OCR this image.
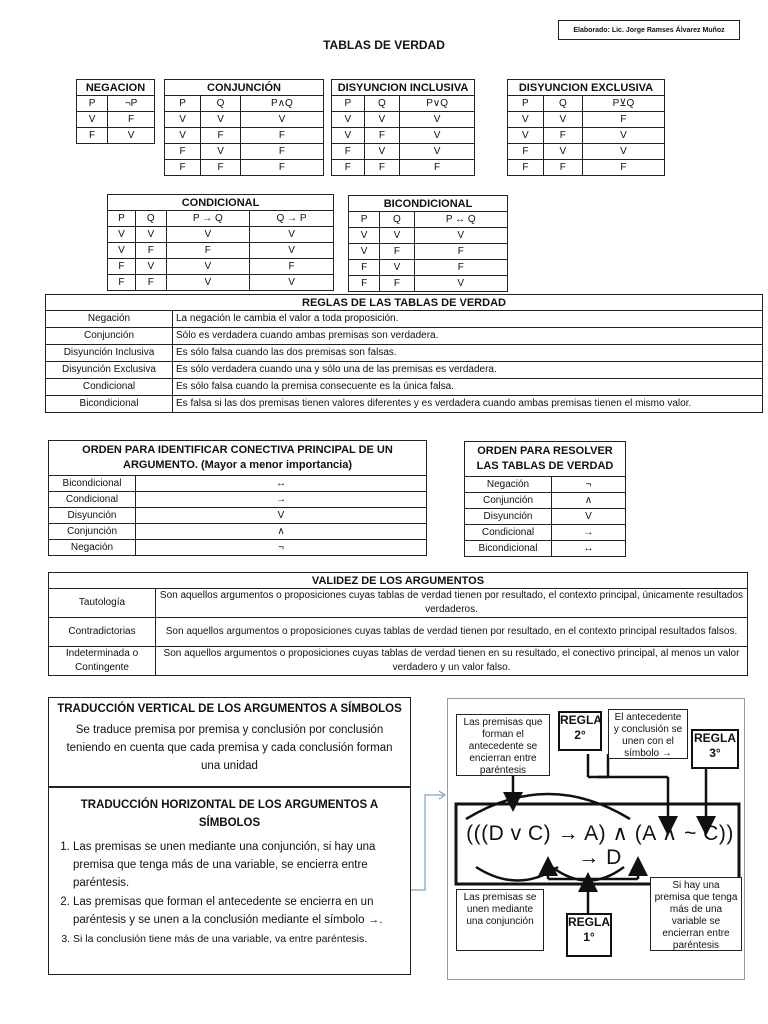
Elaborado: Lic. Jorge Ramses Álvarez Muñoz
TABLAS DE VERDAD
NEGACION	
P	¬P
V	F
F	V
CONJUNCIÓN		
P	Q	P∧Q
V	V	V
V	F	F
F	V	F
F	F	F
DISYUNCION INCLUSIVA		
P	Q	P∨Q
V	V	V
V	F	V
F	V	V
F	F	F
DISYUNCION EXCLUSIVA		
P	Q	P⊻Q
V	V	F
V	F	V
F	V	V
F	F	F
CONDICIONAL			
P	Q	P → Q	Q → P
V	V	V	V
V	F	F	V
F	V	V	F
F	F	V	V
BICONDICIONAL		
P	Q	P ↔ Q
V	V	V
V	F	F
F	V	F
F	F	V
REGLAS DE LAS TABLAS DE VERDAD	
Negación	La negación le cambia el valor a toda proposición.
Conjunción	Sólo es verdadera cuando ambas premisas son verdadera.
Disyunción Inclusiva	Es sólo falsa cuando las dos premisas son falsas.
Disyunción Exclusiva	Es sólo verdadera cuando una y sólo una de las premisas es verdadera.
Condicional	Es sólo falsa cuando la premisa consecuente es la única falsa.
Bicondicional	Es falsa si las dos premisas tienen valores diferentes y es verdadera cuando ambas premisas tienen el mismo valor.
ORDEN PARA IDENTIFICAR CONECTIVA PRINCIPAL DE UN ARGUMENTO. (Mayor a menor importancia)	
Bicondicional	↔
Condicional	→
Disyunción	V
Conjunción	∧
Negación	¬
ORDEN PARA RESOLVER LAS TABLAS DE VERDAD	
Negación	¬
Conjunción	∧
Disyunción	V
Condicional	→
Bicondicional	↔
VALIDEZ DE LOS ARGUMENTOS	
Tautología	Son aquellos argumentos o proposiciones cuyas tablas de verdad tienen por resultado, el contexto principal, únicamente resultados verdaderos.
Contradictorias	Son aquellos argumentos o proposiciones cuyas tablas de verdad tienen por resultado, en el contexto principal resultados falsos.
Indeterminada o Contingente	Son aquellos argumentos o proposiciones cuyas tablas de verdad tienen en su resultado, el conectivo principal, al menos un valor verdadero y un valor falso.
TRADUCCIÓN VERTICAL DE LOS ARGUMENTOS A SÍMBOLOS
Se traduce premisa por premisa y conclusión por conclusión teniendo en cuenta que cada premisa y cada conclusión forman una unidad
TRADUCCIÓN HORIZONTAL DE LOS ARGUMENTOS A SÍMBOLOS
1. Las premisas se unen mediante una conjunción, si hay una premisa que tenga más de una variable, se encierra entre paréntesis.
2. Las premisas que forman el antecedente se encierra en un paréntesis y se unen a la conclusión mediante el símbolo →.
3. Si la conclusión tiene más de una variable, va entre paréntesis.
(((D v C) → A) ∧ (A ∧ ~ C)) → D
Las premisas que forman el antecedente se encierran entre paréntesis
REGLA 2°
El antecedente y conclusión se unen con el símbolo →
REGLA 3°
Las premisas se unen mediante una conjunción	REGLA 1°
Si hay una premisa que tenga más de una variable se encierran entre paréntesis
